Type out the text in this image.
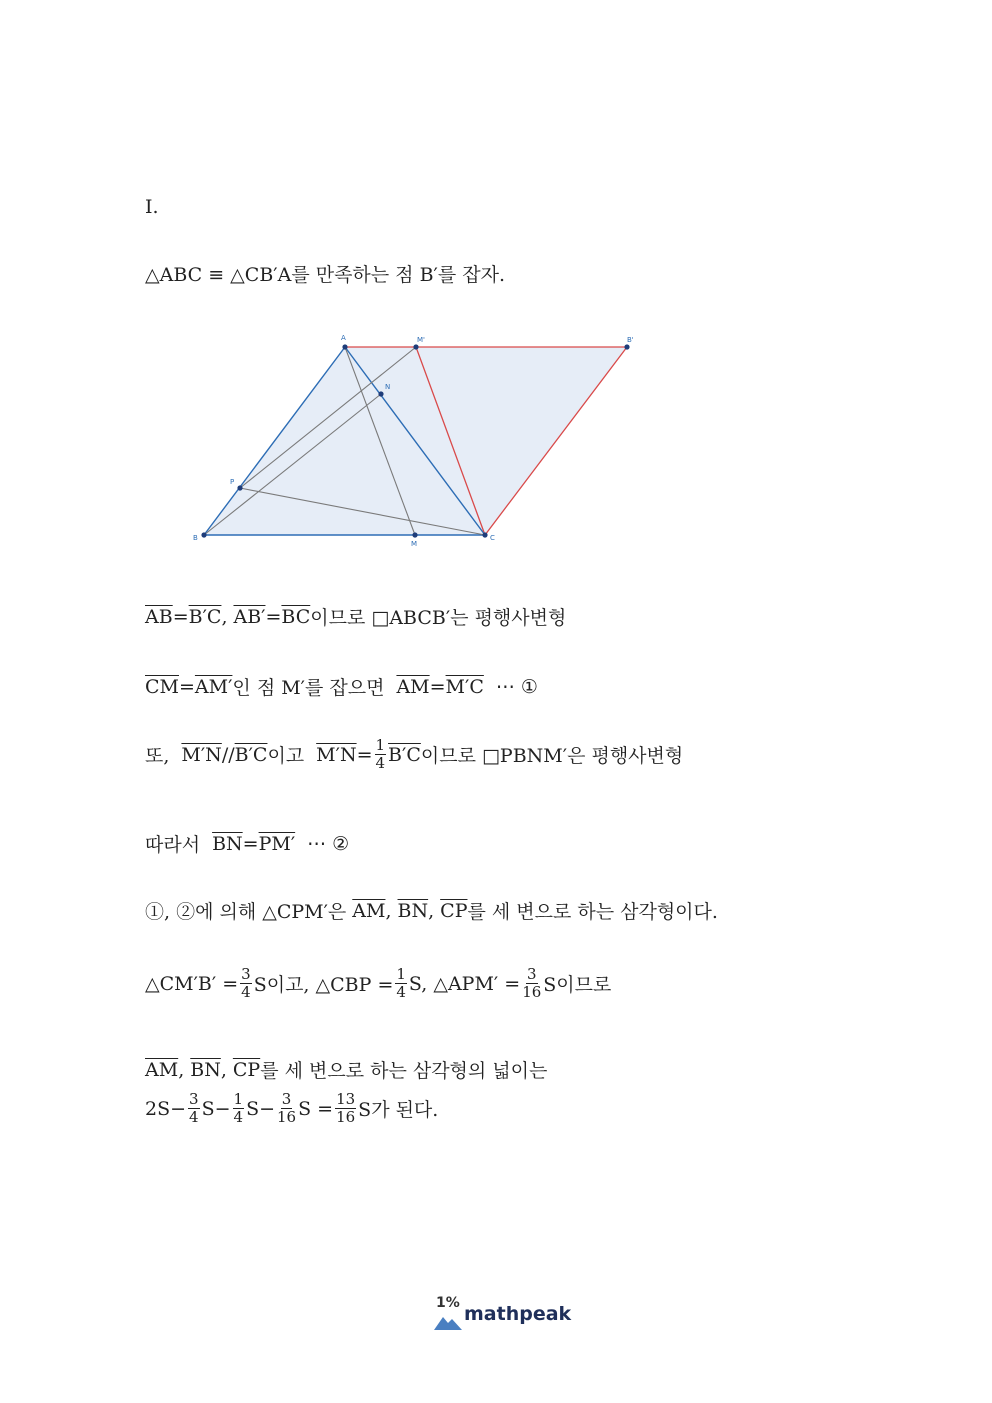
Ⅰ.
△ABC ≡ △CB′A를 만족하는 점 B′를 잡자.
A	M'	B'
N
P
B
M
C
$\overline{AB} = B'C$ , $AB' = \overline{BC}$ 이므로 □ABCB′는 평행사변형
$\overline{CM} = AM'$ 인 점 M′를 잡으면 $\overline{AM} = M'C$ ⋯ ①
또, M′N // B′C 이고 $M'N = \frac{1}{4} B'C$ 이므로 □PBNM′은 평행사변형
따라서 $\overline{BN} = PM'$ ⋯ ②
①, ②에 의해 △CPM′은 $\overline{AM}$ , $\overline{BN}$ , $\overline{CP}$ 를 세 변으로 하는 삼각형이다.
△CM′B′ = $\frac{3}{4}$ S이고, △CBP = $\frac{1}{4} S$, △APM′ = $\frac{3}{16}$ S이므로
$\overline{AM}$ , $\overline{BN}$ , $\overline{CP}$ 를 세 변으로 하는 삼각형의 넓이는
$2S- \frac{3}{4} S- \frac{1}{4} S- \frac{3}{16}$ $S = \frac{13}{16}$ S가 된다.
1% mathpeak
